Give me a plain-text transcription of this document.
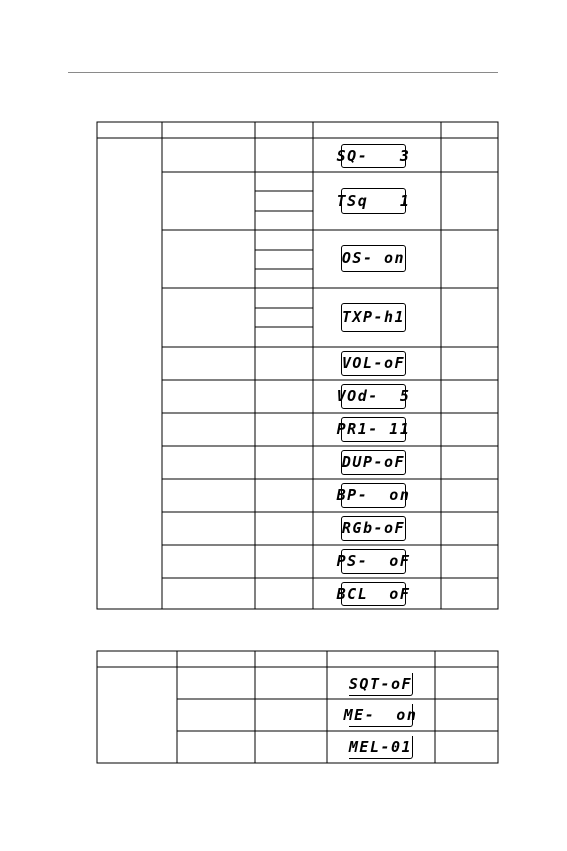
SQ-   3
TSq   1
OS- on
TXP-h1
VOL-oF
VOd-  5
PR1- 11
DUP-oF
BP-  on
RGb-oF
PS-  oF
BCL  oF
SQT-oF
ME-  on
MEL-01
